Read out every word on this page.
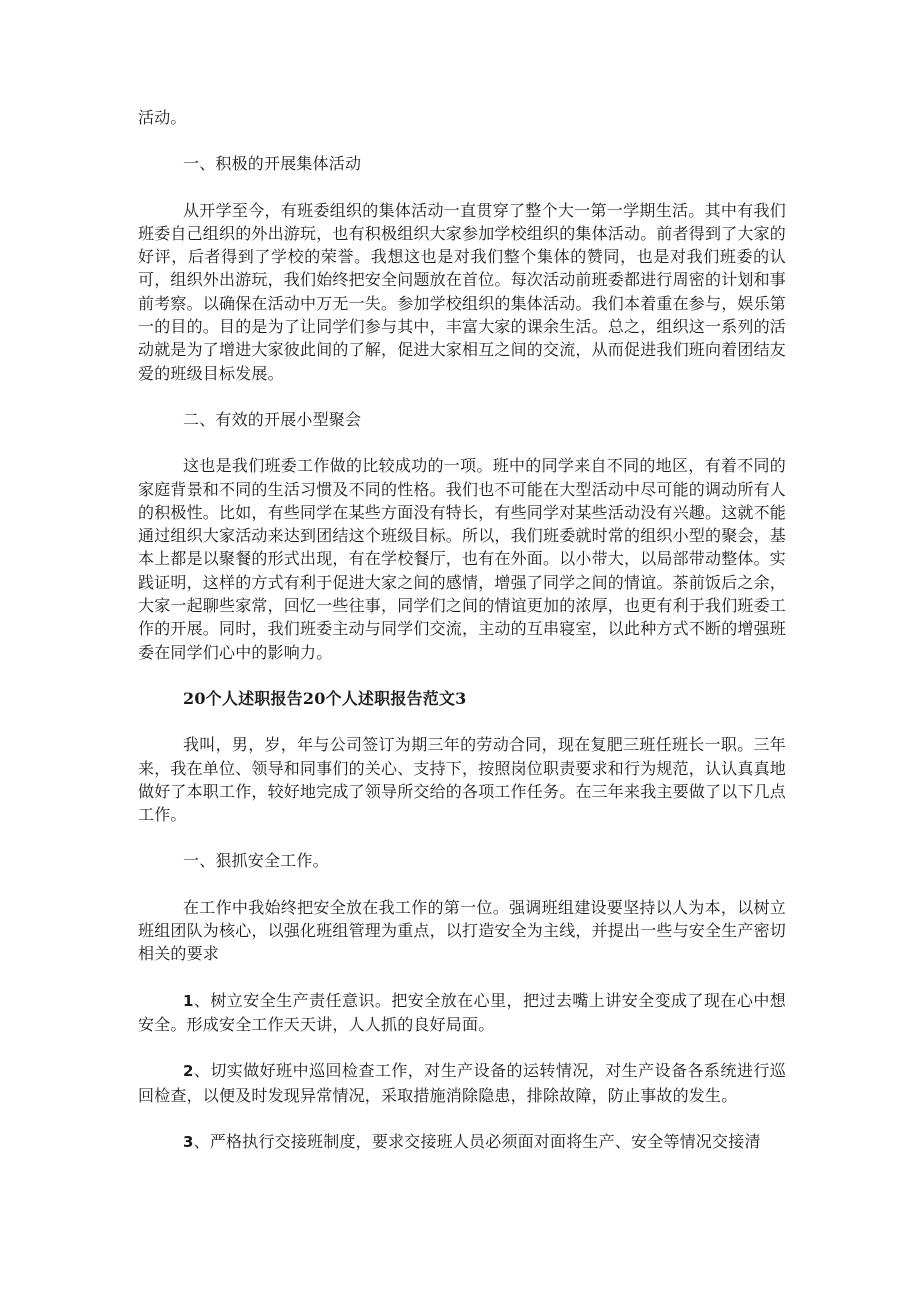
活动。

一、积极的开展集体活动

从开学至今，有班委组织的集体活动一直贯穿了整个大一第一学期生活。其中有我们班委自己组织的外出游玩，也有积极组织大家参加学校组织的集体活动。前者得到了大家的好评，后者得到了学校的荣誉。我想这也是对我们整个集体的赞同，也是对我们班委的认可，组织外出游玩，我们始终把安全问题放在首位。每次活动前班委都进行周密的计划和事前考察。以确保在活动中万无一失。参加学校组织的集体活动。我们本着重在参与，娱乐第一的目的。目的是为了让同学们参与其中，丰富大家的课余生活。总之，组织这一系列的活动就是为了增进大家彼此间的了解，促进大家相互之间的交流，从而促进我们班向着团结友爱的班级目标发展。

二、有效的开展小型聚会

这也是我们班委工作做的比较成功的一项。班中的同学来自不同的地区，有着不同的家庭背景和不同的生活习惯及不同的性格。我们也不可能在大型活动中尽可能的调动所有人的积极性。比如，有些同学在某些方面没有特长，有些同学对某些活动没有兴趣。这就不能通过组织大家活动来达到团结这个班级目标。所以，我们班委就时常的组织小型的聚会，基本上都是以聚餐的形式出现，有在学校餐厅，也有在外面。以小带大，以局部带动整体。实践证明，这样的方式有利于促进大家之间的感情，增强了同学之间的情谊。茶前饭后之余，大家一起聊些家常，回忆一些往事，同学们之间的情谊更加的浓厚，也更有利于我们班委工作的开展。同时，我们班委主动与同学们交流，主动的互串寝室，以此种方式不断的增强班委在同学们心中的影响力。

20个人述职报告20个人述职报告范文3

我叫，男，岁，年与公司签订为期三年的劳动合同，现在复肥三班任班长一职。三年来，我在单位、领导和同事们的关心、支持下，按照岗位职责要求和行为规范，认认真真地做好了本职工作，较好地完成了领导所交给的各项工作任务。在三年来我主要做了以下几点工作。

一、狠抓安全工作。

在工作中我始终把安全放在我工作的第一位。强调班组建设要坚持以人为本，以树立班组团队为核心，以强化班组管理为重点，以打造安全为主线，并提出一些与安全生产密切相关的要求

1、树立安全生产责任意识。把安全放在心里，把过去嘴上讲安全变成了现在心中想安全。形成安全工作天天讲，人人抓的良好局面。

2、切实做好班中巡回检查工作，对生产设备的运转情况，对生产设备各系统进行巡回检查，以便及时发现异常情况，采取措施消除隐患，排除故障，防止事故的发生。

3、严格执行交接班制度，要求交接班人员必须面对面将生产、安全等情况交接清
